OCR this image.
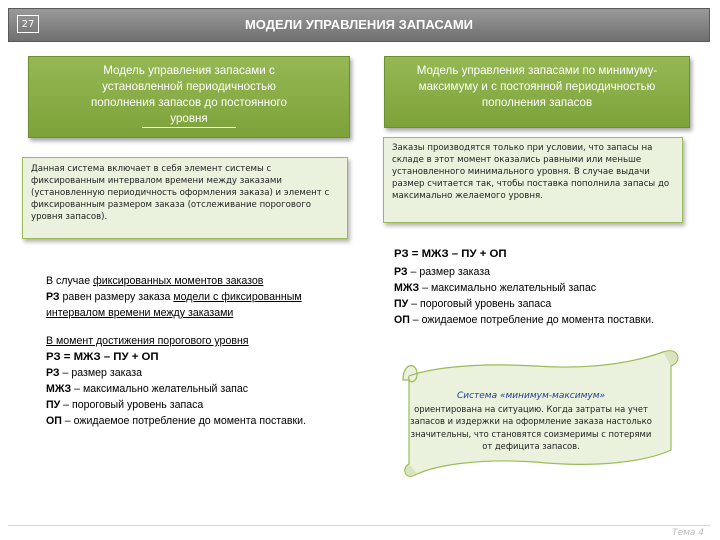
27	МОДЕЛИ УПРАВЛЕНИЯ ЗАПАСАМИ
Модель управления запасами с
установленной периодичностью
пополнения запасов до постоянного
уровня
Модель управления запасами по минимуму-максимуму и с постоянной периодичностью пополнения запасов
Данная система включает в себя элемент системы с фиксированным интервалом времени между заказами (установленную периодичность оформления заказа) и элемент с фиксированным размером заказа (отслеживание порогового уровня запасов).
Заказы производятся только при условии, что запасы на складе в этот момент оказались равными или меньше установленного минимального уровня. В случае выдачи размер считается так, чтобы поставка пополнила запасы до максимально желаемого уровня.

В случае фиксированных моментов заказов

РЗ равен размеру заказа модели с фиксированным интервалом времени между заказами

В момент достижения порогового уровня

РЗ = МЖЗ – ПУ + ОП

РЗ – размер заказа

МЖЗ – максимально желательный запас

ПУ – пороговый уровень запаса

ОП – ожидаемое потребление до момента поставки.

РЗ = МЖЗ – ПУ + ОП

РЗ – размер заказа

МЖЗ – максимально желательный запас

ПУ – пороговый уровень запаса

ОП – ожидаемое потребление до момента поставки.

Система «минимум-максимум»
ориентирована на ситуацию. Когда затраты на учет запасов и издержки на оформление заказа настолько значительны, что становятся соизмеримы с потерями от дефицита запасов.
Тема 4
